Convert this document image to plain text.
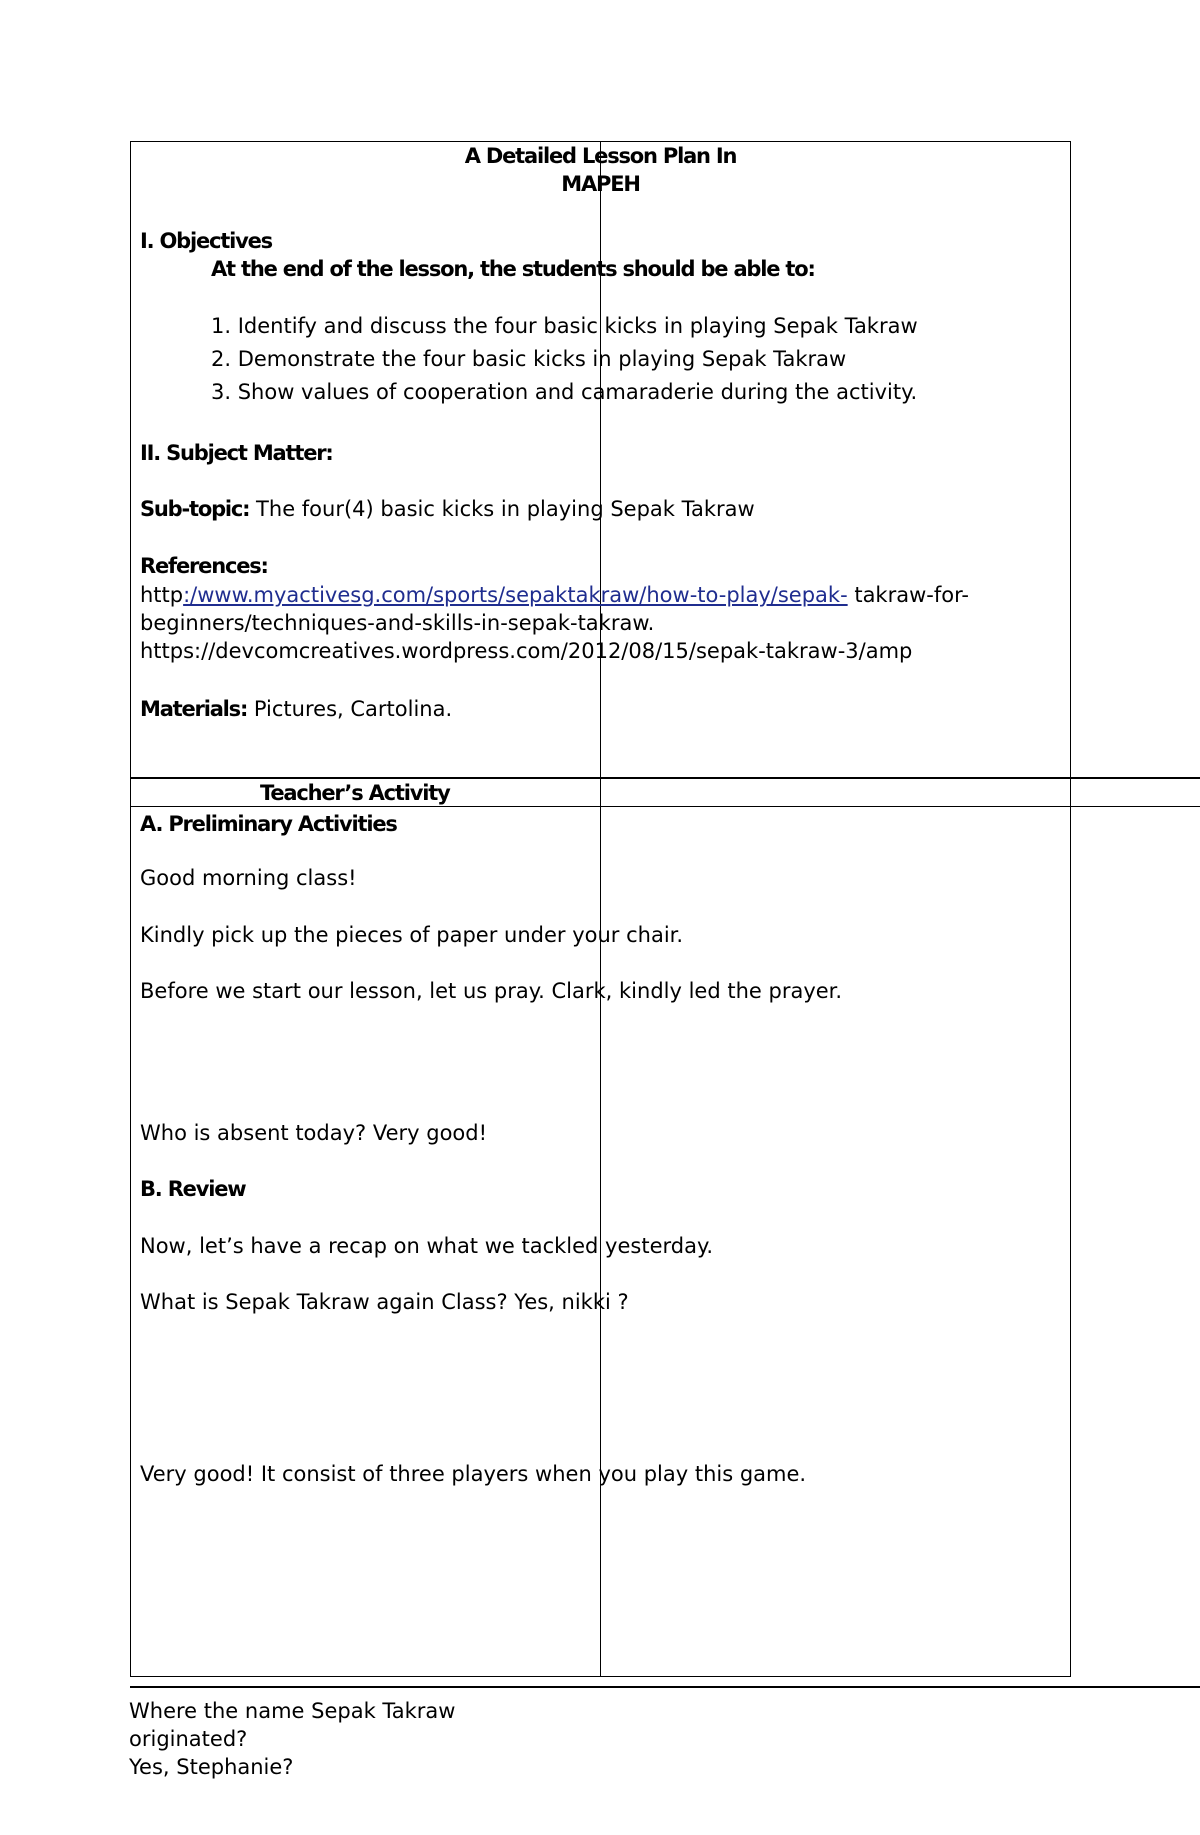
A Detailed Lesson Plan In
MAPEH
I. Objectives
At the end of the lesson, the students should be able to:
1. Identify and discuss the four basic kicks in playing Sepak Takraw
2. Demonstrate the four basic kicks in playing Sepak Takraw
3. Show values of cooperation and camaraderie during the activity.
II. Subject Matter:
Sub-topic: The four(4) basic kicks in playing Sepak Takraw
References:
http:/www.myactivesg.com/sports/sepaktakraw/how-to-play/sepak- takraw-for-
beginners/techniques-and-skills-in-sepak-takraw.
https://devcomcreatives.wordpress.com/2012/08/15/sepak-takraw-3/amp
Materials: Pictures, Cartolina.
Teacher’s Activity
A. Preliminary Activities
Good morning class!
Kindly pick up the pieces of paper under your chair.
Before we start our lesson, let us pray. Clark, kindly led the prayer.
Who is absent today? Very good!
B. Review
Now, let’s have a recap on what we tackled yesterday.
What is Sepak Takraw again Class? Yes, nikki ?
Very good! It consist of three players when you play this game.
Where the name Sepak Takraw
originated?
Yes, Stephanie?
